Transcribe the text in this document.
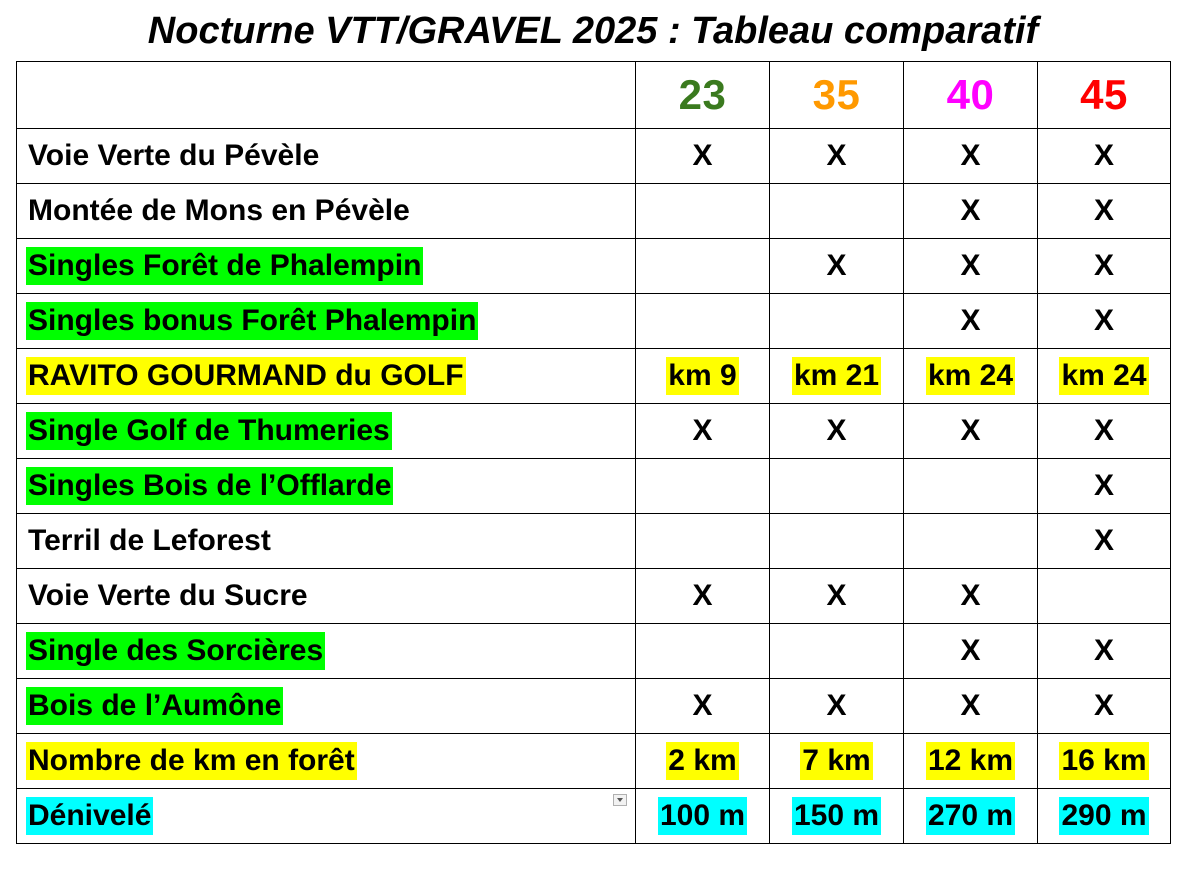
Nocturne VTT/GRAVEL 2025 : Tableau comparatif
	23	35	40	45
Voie Verte du Pévèle	X	X	X	X
Montée de Mons en Pévèle			X	X
Singles Forêt de Phalempin		X	X	X
Singles bonus Forêt Phalempin			X	X
RAVITO GOURMAND du GOLF	km 9	km 21	km 24	km 24
Single Golf de Thumeries	X	X	X	X
Singles Bois de l’Offlarde				X
Terril de Leforest				X
Voie Verte du Sucre	X	X	X	
Single des Sorcières			X	X
Bois de l’Aumône	X	X	X	X
Nombre de km en forêt	2 km	7 km	12 km	16 km
Dénivelé	100 m	150 m	270 m	290 m
